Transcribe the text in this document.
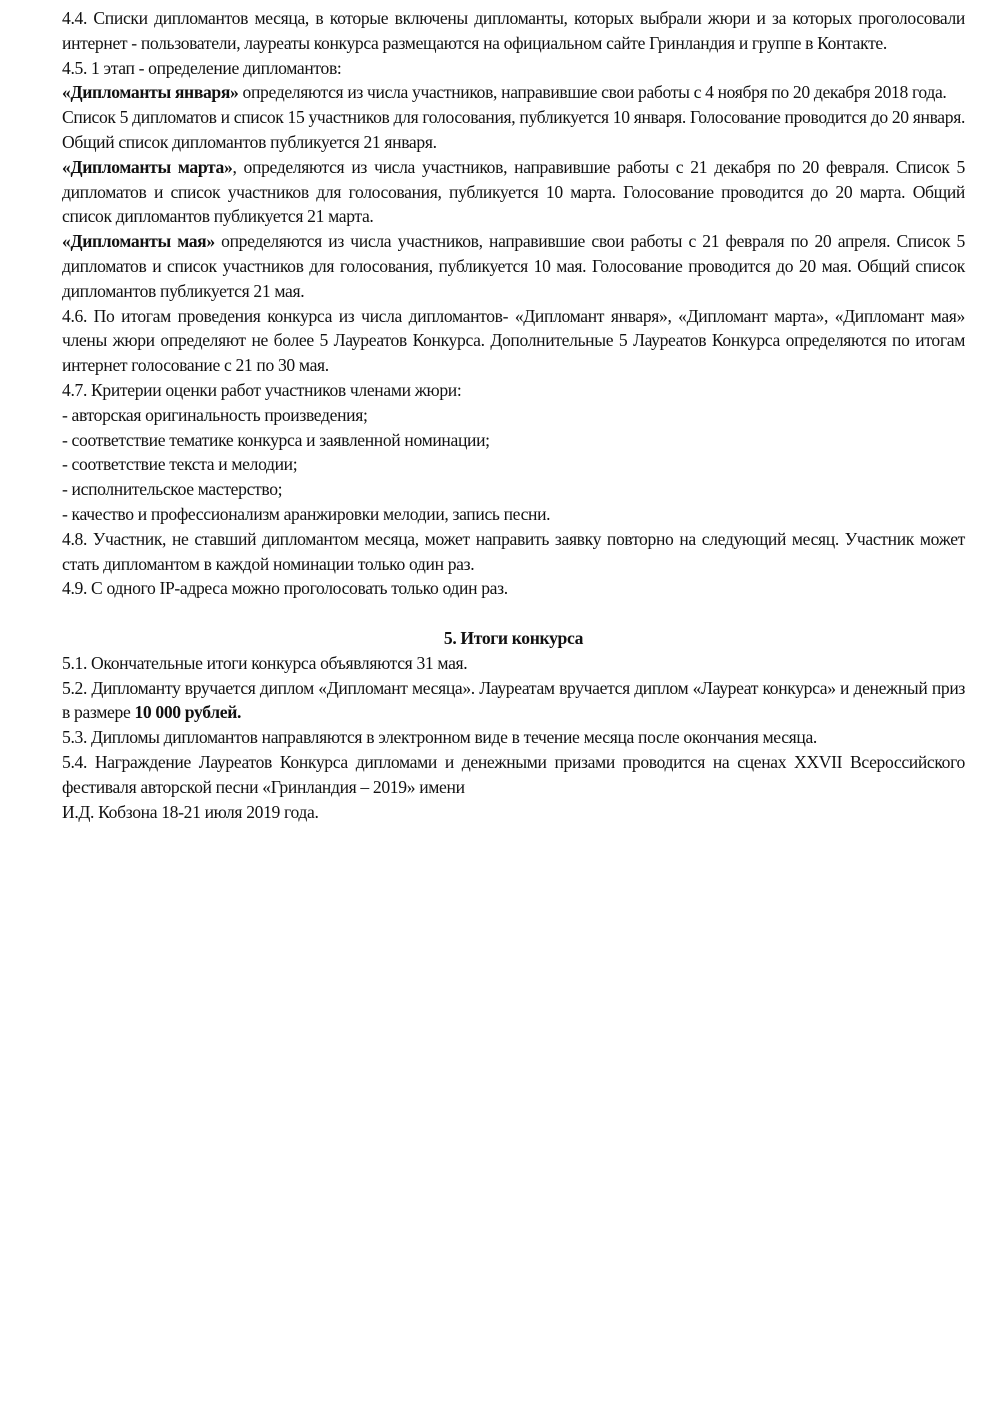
4.4. Списки дипломантов месяца, в которые включены дипломанты, которых выбрали жюри и за которых проголосовали интернет - пользователи, лауреаты конкурса размещаются на официальном сайте Гринландия и группе в Контакте.

4.5. 1 этап - определение дипломантов:

«Дипломанты января» определяются из числа участников, направившие свои работы с 4 ноября по 20 декабря 2018 года.

Список 5 дипломатов и список 15 участников для голосования, публикуется 10 января. Голосование проводится до 20 января. Общий список дипломантов публикуется 21 января.

«Дипломанты марта», определяются из числа участников, направившие работы с 21 декабря по 20 февраля. Список 5 дипломатов и список участников для голосования, публикуется 10 марта. Голосование проводится до 20 марта. Общий список дипломантов публикуется 21 марта.

«Дипломанты мая» определяются из числа участников, направившие свои работы с 21 февраля по 20 апреля. Список 5 дипломатов и список участников для голосования, публикуется 10 мая. Голосование проводится до 20 мая. Общий список дипломантов публикуется 21 мая.

4.6. По итогам проведения конкурса из числа дипломантов- «Дипломант января», «Дипломант марта», «Дипломант мая» члены жюри определяют не более 5 Лауреатов Конкурса. Дополнительные 5 Лауреатов Конкурса определяются по итогам интернет голосование с 21 по 30 мая.

4.7. Критерии оценки работ участников членами жюри:

- авторская оригинальность произведения;

- соответствие тематике конкурса и заявленной номинации;

- соответствие текста и мелодии;

- исполнительское мастерство;

- качество и профессионализм аранжировки мелодии, запись песни.

4.8. Участник, не ставший дипломантом месяца, может направить заявку повторно на следующий месяц. Участник может стать дипломантом в каждой номинации только один раз.

4.9. С одного IP-адреса можно проголосовать только один раз.

5. Итоги конкурса

5.1. Окончательные итоги конкурса объявляются 31 мая.

5.2. Дипломанту вручается диплом «Дипломант месяца». Лауреатам вручается диплом «Лауреат конкурса» и денежный приз в размере 10 000 рублей.

5.3. Дипломы дипломантов направляются в электронном виде в течение месяца после окончания месяца.

5.4. Награждение Лауреатов Конкурса дипломами и денежными призами проводится на сценах XXVII Всероссийского фестиваля авторской песни «Гринландия – 2019» имени

И.Д. Кобзона 18-21 июля 2019 года.
